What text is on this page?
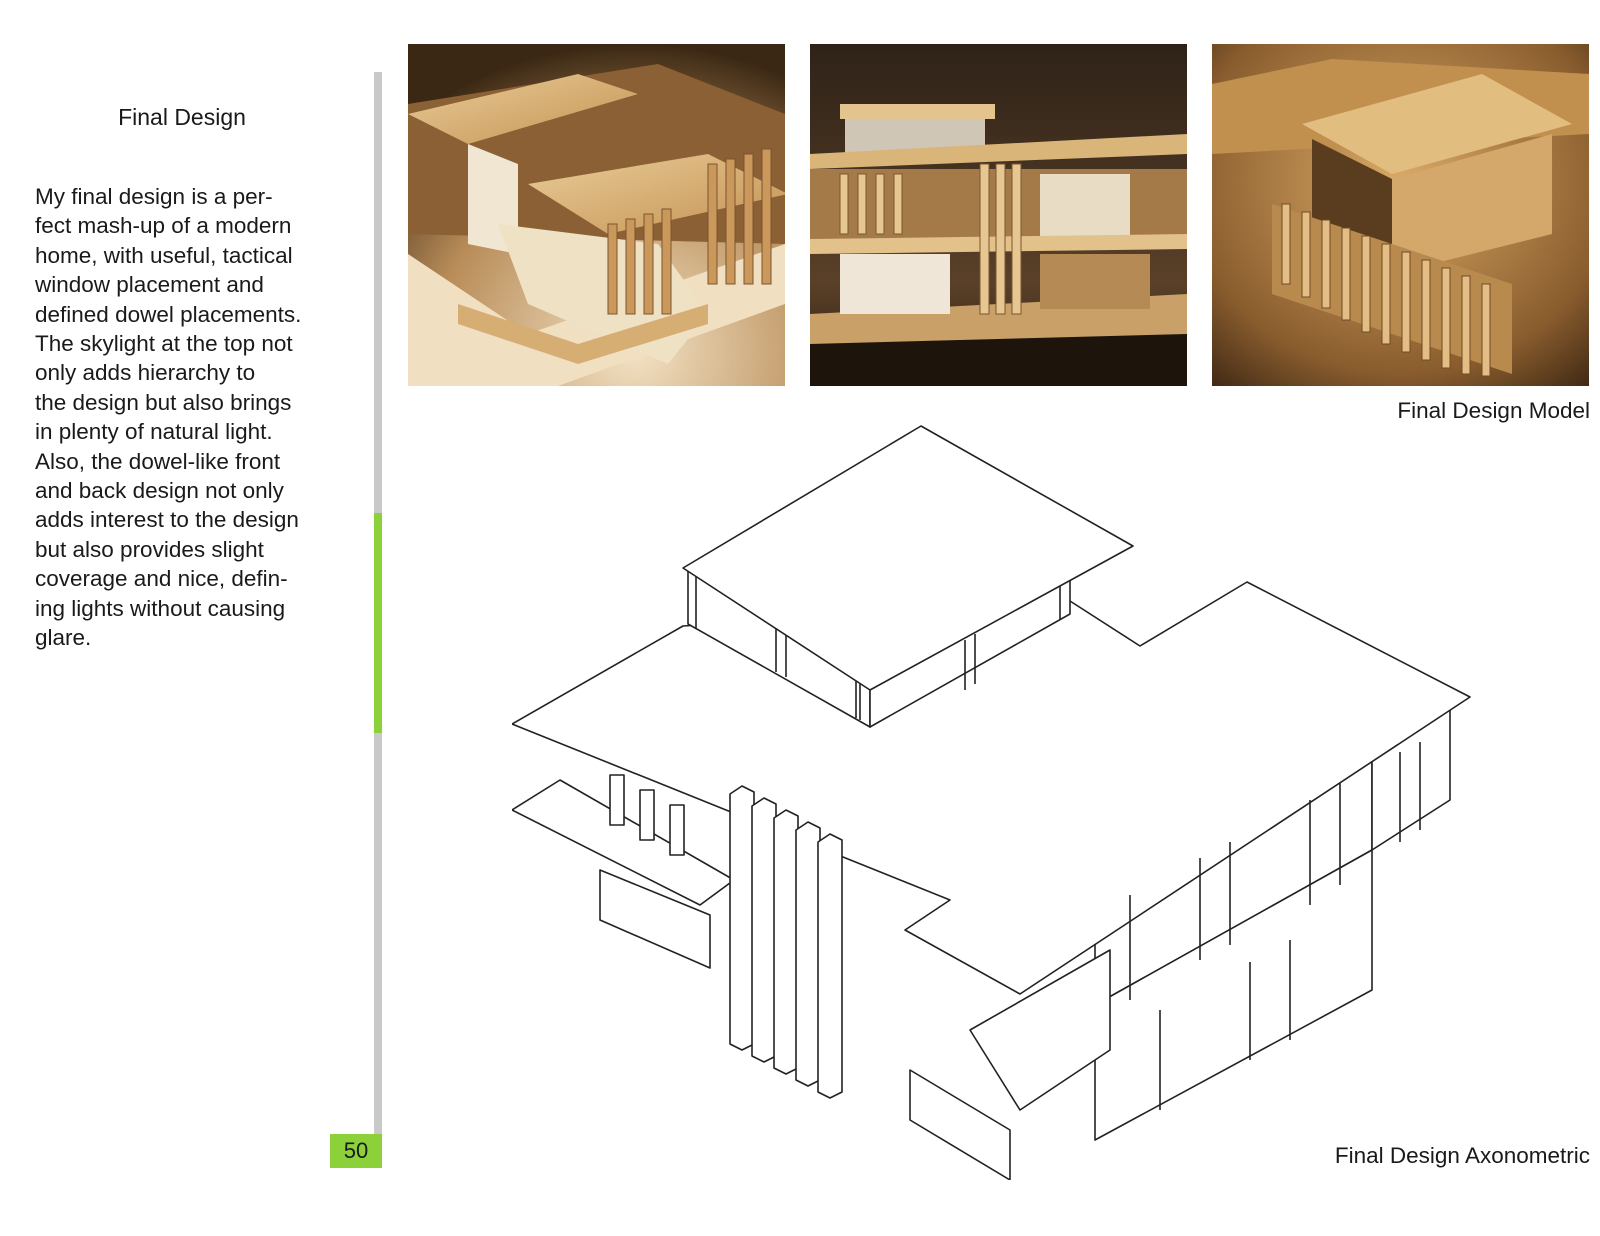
Final Design
My final design is a per-
fect mash-up of a modern
home, with useful, tactical
window placement and
defined dowel placements.
The skylight at the top not
only adds hierarchy to
the design but also brings
in plenty of natural light.
Also, the dowel-like front
and back design not only
adds interest to the design
but also provides slight
coverage and nice, defin-
ing lights without causing
glare.
50
Final Design Model
Final Design Axonometric
